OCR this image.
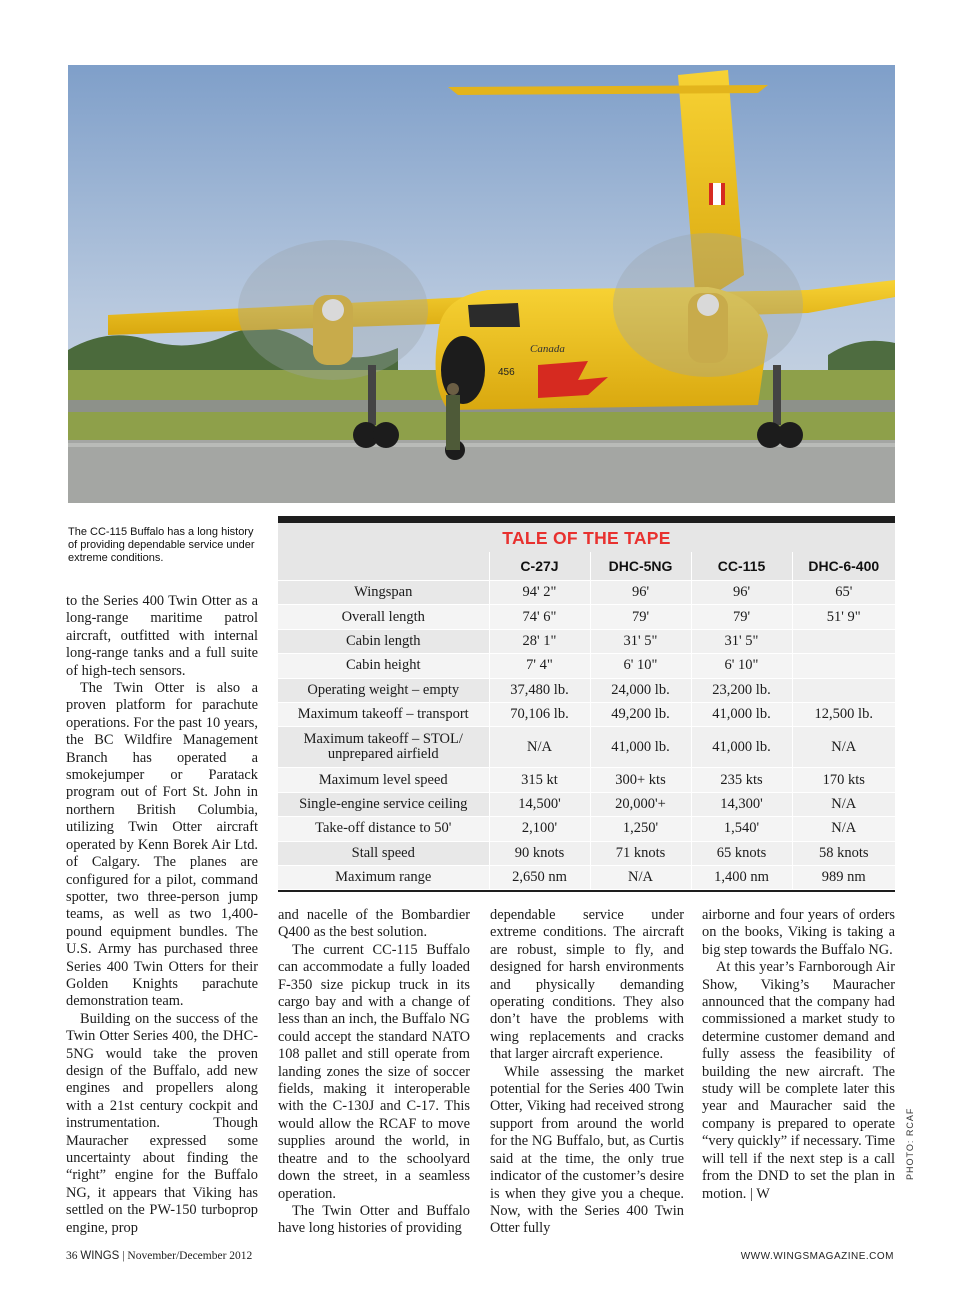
456
Canada
The CC-115 Buffalo has a long history of providing dependable service under extreme conditions.
TALE OF THE TAPE
	C-27J	DHC-5NG	CC-115	DHC-6-400
Wingspan	94' 2"	96'	96'	65'
Overall length	74' 6"	79'	79'	51' 9"
Cabin length	28' 1"	31' 5"	31' 5"	
Cabin height	7' 4"	6' 10"	6' 10"	
Operating weight – empty	37,480 lb.	24,000 lb.	23,200 lb.	
Maximum takeoff – transport	70,106 lb.	49,200 lb.	41,000 lb.	12,500 lb.
Maximum takeoff – STOL/
unprepared airfield	N/A	41,000 lb.	41,000 lb.	N/A
Maximum level speed	315 kt	300+ kts	235 kts	170 kts
Single-engine service ceiling	14,500'	20,000'+	14,300'	N/A
Take-off distance to 50'	2,100'	1,250'	1,540'	N/A
Stall speed	90 knots	71 knots	65 knots	58 knots
Maximum range	2,650 nm	N/A	1,400 nm	989 nm

to the Series 400 Twin Otter as a long-range maritime patrol aircraft, outfitted with internal long-range tanks and a full suite of high-tech sensors.

The Twin Otter is also a proven platform for parachute operations. For the past 10 years, the BC Wildfire Management Branch has operated a smokejumper or Paratack program out of Fort St. John in northern British Columbia, utilizing Twin Otter aircraft operated by Kenn Borek Air Ltd. of Calgary. The planes are configured for a pilot, command spotter, two three-person jump teams, as well as two 1,400-pound equipment bundles. The U.S. Army has purchased three Series 400 Twin Otters for their Golden Knights parachute demonstration team.

Building on the success of the Twin Otter Series 400, the DHC-5NG would take the proven design of the Buffalo, add new engines and propellers along with a 21st century cockpit and instrumentation. Though Mauracher expressed some uncertainty about finding the “right” engine for the Buffalo NG, it appears that Viking has settled on the PW-150 turboprop engine, prop

and nacelle of the Bombardier Q400 as the best solution.

The current CC-115 Buffalo can accommodate a fully loaded F-350 size pickup truck in its cargo bay and with a change of less than an inch, the Buffalo NG could accept the standard NATO 108 pallet and still operate from landing zones the size of soccer fields, making it interoperable with the C-130J and C-17. This would allow the RCAF to move supplies around the world, in theatre and to the schoolyard down the street, in a seamless operation.

The Twin Otter and Buffalo have long histories of providing

dependable service under extreme conditions. The aircraft are robust, simple to fly, and designed for harsh environments and physically demanding operating conditions. They also don’t have the problems with wing replacements and cracks that larger aircraft experience.

While assessing the market potential for the Series 400 Twin Otter, Viking had received strong support from around the world for the NG Buffalo, but, as Curtis said at the time, the only true indicator of the customer’s desire is when they give you a cheque. Now, with the Series 400 Twin Otter fully

airborne and four years of orders on the books, Viking is taking a big step towards the Buffalo NG.

At this year’s Farnborough Air Show, Viking’s Mauracher announced that the company had commissioned a market study to determine customer demand and fully assess the feasibility of building the new aircraft. The study will be complete later this year and Mauracher said the company is prepared to operate “very quickly” if necessary. Time will tell if the next step is a call from the DND to set the plan in motion. | W

PHOTO: RCAF
36 WINGS | November/December 2012	WWW.WINGSMAGAZINE.COM
